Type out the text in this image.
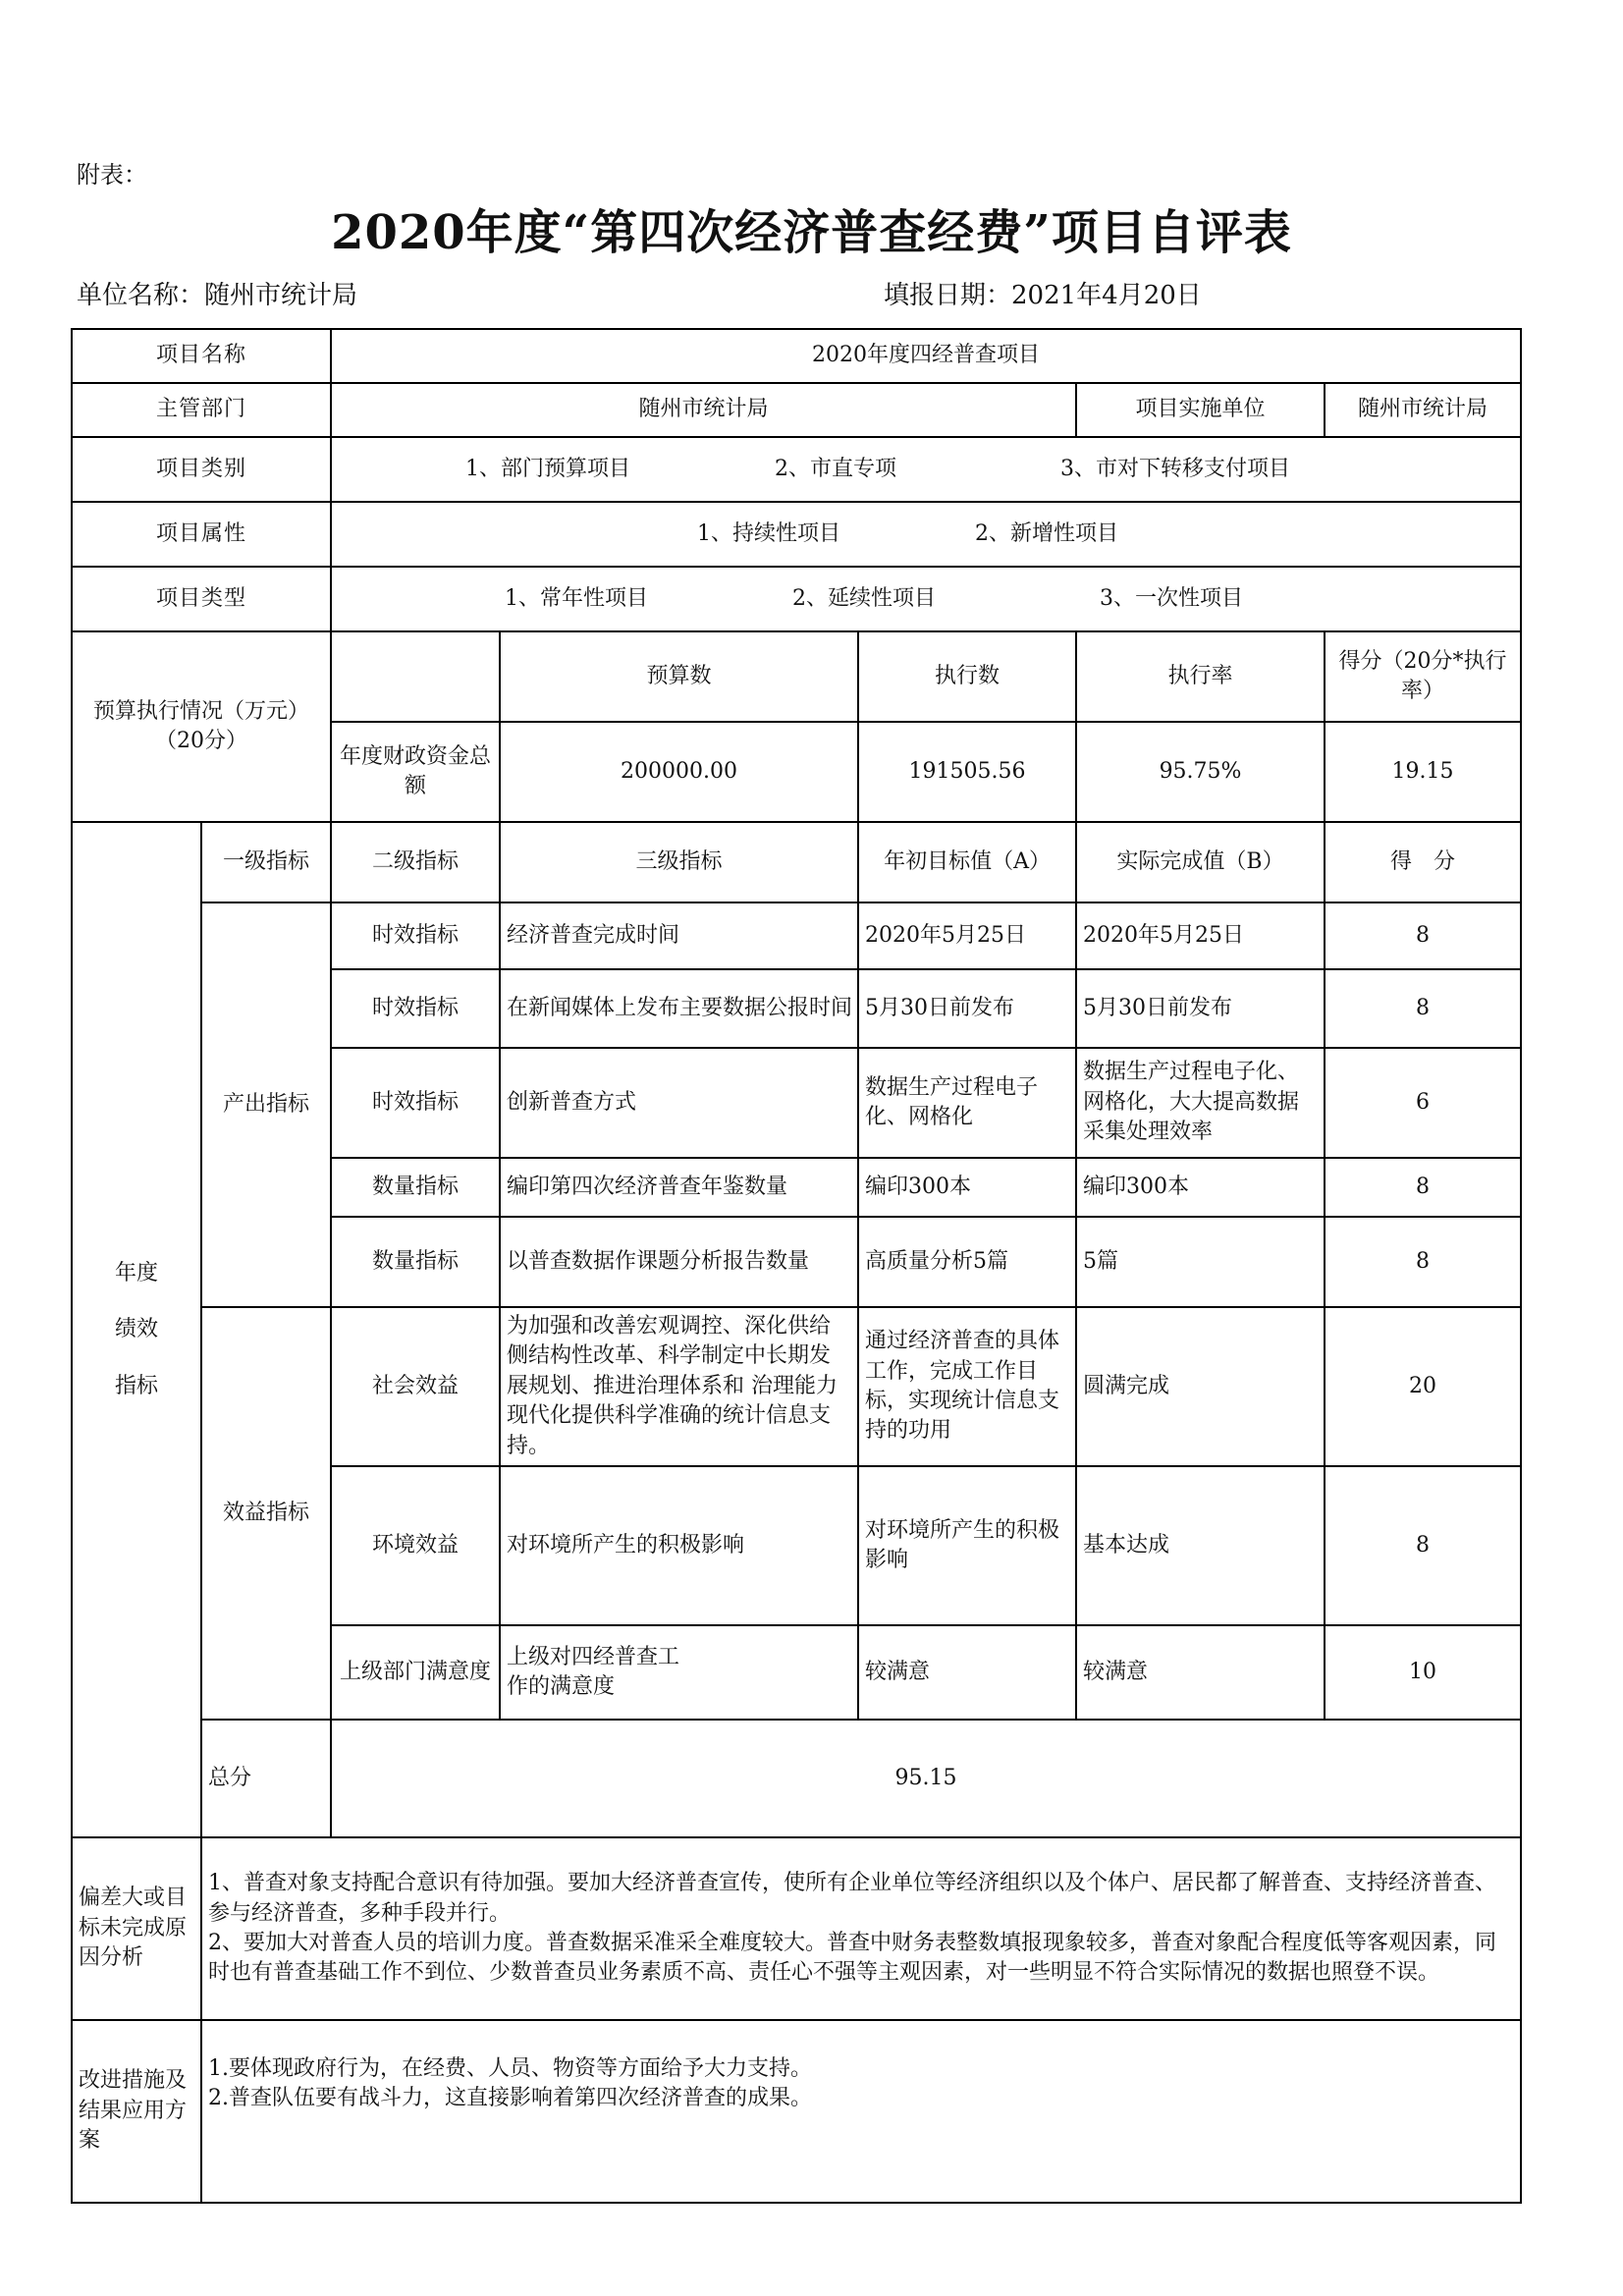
附表：
2020年度“第四次经济普查经费”项目自评表
单位名称：随州市统计局	填报日期：2021年4月20日
项目名称		2020年度四经普查项目				
主管部门		随州市统计局			项目实施单位	随州市统计局
项目类别		1、部门预算项目 2、市直专项 3、市对下转移支付项目				
项目属性		1、持续性项目 2、新增性项目				
项目类型		1、常年性项目 2、延续性项目 3、一次性项目				
预算执行情况（万元）（20分）			预算数	执行数	执行率	得分（20分*执行率）
		年度财政资金总额	200000.00	191505.56	95.75%	19.15

年度
绩效
指标	一级指标	二级指标	三级指标	年初目标值（A）	实际完成值（B）	得　分
	产出指标	时效指标	经济普查完成时间	2020年5月25日	2020年5月25日	8
		时效指标	在新闻媒体上发布主要数据公报时间	5月30日前发布	5月30日前发布	8
		时效指标	创新普查方式	数据生产过程电子化、网格化	数据生产过程电子化、网格化，大大提高数据采集处理效率	6
		数量指标	编印第四次经济普查年鉴数量	编印300本	编印300本	8
		数量指标	以普查数据作课题分析报告数量	高质量分析5篇	5篇	8
	效益指标	社会效益	为加强和改善宏观调控、深化供给侧结构性改革、科学制定中长期发展规划、推进治理体系和 治理能力现代化提供科学准确的统计信息支持。	通过经济普查的具体工作，完成工作目标，实现统计信息支持的功用	圆满完成	20
		环境效益	对环境所产生的积极影响	对环境所产生的积极影响	基本达成	8
		上级部门满意度	上级对四经普查工作的满意度	较满意	较满意	10
	总分	95.15				
偏差大或目标未完成原因分析	1、普查对象支持配合意识有待加强。要加大经济普查宣传，使所有企业单位等经济组织以及个体户、居民都了解普查、支持经济普查、参与经济普查，多种手段并行。
2、要加大对普查人员的培训力度。普查数据采准采全难度较大。普查中财务表整数填报现象较多，普查对象配合程度低等客观因素，同时也有普查基础工作不到位、少数普查员业务素质不高、责任心不强等主观因素，对一些明显不符合实际情况的数据也照登不误。					

改进措施及结果应用方案	1.要体现政府行为，在经费、人员、物资等方面给予大力支持。
2.普查队伍要有战斗力，这直接影响着第四次经济普查的成果。					
